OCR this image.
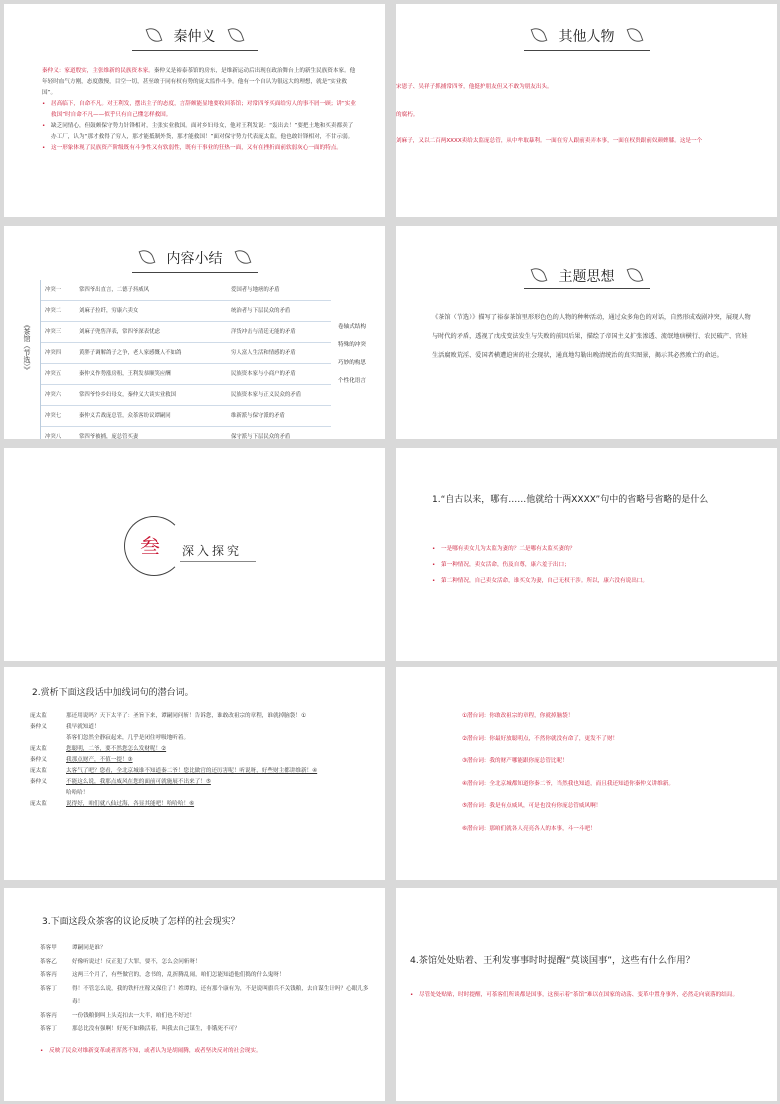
秦仲义
秦仲义：家道殷实，主张维新的民族资本家。秦仲义是裕泰茶馆的房东，是维新运动后出现在政治舞台上的新生民族资本家。他年轻时血气方刚，态度傲慢，目空一切，甚至敢于同有权有势的庞太监作斗争。他有一个自认为很远大的理想，就是“实业救国”。
• 居高临下，自命不凡。对王利发，摆出主子的态度，言辞颇能显地要收回茶馆；对常四爷买面给穷人的事不屑一顾；讲“实业救国”时自命不凡——似乎只有自己懂怎样救国。
• 缺乏同情心，但鼓颇保守势力针锋相对，主张实业救国。面对乡妇母女，他对王利发说：“轰出去！”要把土地和买卖都卖了办工厂，认为“那才救得了穷人，那才能抵制外货，那才能救国！”面对保守势力代表庞太监，他也敢针锋相对，不甘示弱。
• 这一形象体现了民族资产阶级既有斗争性又有软弱性，既有干事业的狂热一面，又有在挫折面前软弱灰心一面的特点。
其他人物
宋恩子、吴祥子抓捕常四爷，他挺护朋友但又不敢为朋友出头。
的腐朽。
刘麻子，又以二百两XXXX卖给太监庞总管，从中牟取暴利。一面在穷人跟前卖弄本事，一面在权贵跟前奴颜婢膝。这是一个
内容小结
《茶馆（节选）》
冲突一	常四爷出直言，二德子抖威风	爱国者与地痞的矛盾
冲突二	刘麻子拉纤，穷康六卖女	统治者与下层民众的矛盾
冲突三	刘麻子兜售洋表，常四爷深表忧虑	洋货冲击与清廷无能的矛盾
冲突四	黄胖子调解鸽子之争，老人家感慨人不如鸽	穷人富人生活和情感的矛盾
冲突五	秦仲义作势涨房租，王利发恭顺笑应酬	民族资本家与小商户的矛盾
冲突六	常四爷怜乡妇母女，秦仲义大谈实业救国	民族资本家与正义民众的矛盾
冲突七	秦仲义舌战庞总管，众茶客纷议谭嗣同	维新派与保守派的矛盾
冲突八	常四爷被捕，庞总管买妻	保守派与下层民众的矛盾
卷轴式结构
特殊的冲突
巧妙的构思
个性化语言
主题思想
《茶馆（节选）》描写了裕泰茶馆里形形色色的人物的种种活动，通过众多角色的对话，自然形成戏剧冲突，展现人物与时代的矛盾，透视了戊戌变法发生与失败的前因后果，描绘了帝国主义扩张渗透、流氓地痞横行、农民破产、官娃生活腐败荒淫、爱国者横遭迫害的社会现状，通真地勾勒出晚清统治的真实图景，揭示其必然败亡的命运。
叁 深入探究
1.“自古以来，哪有……他就给十两XXXX”句中的省略号省略的是什么
• 一是哪有卖女儿为太监为妻的？二是哪有太监买妻的？
• 第一种情况，卖女活命，伤及自尊，康六羞于出口；
• 第二种情况，自己卖女活命，谁买女为妻，自己无权干涉。所以，康六没有说出口。
2.赏析下面这段话中加线词句的潜台词。
庞太监	那还用说吗？天下太平了：圣旨下来，谭嗣同问斩！告诉您，谁敢改祖宗的章程，谁就掉脑袋！①
秦仲义	我早就知道！
茶客们忽然全静寂起来，几乎是闭住呼吸地听着。
庞太监	您聪明，二爷，要不然您怎么发财呢！②
秦仲义	我那点财产，不值一提！③
庞太监	太客气了吧？您看，全北京城谁不知道秦二爷！您比做官的还厉害呢！听说呀，好些财主都讲维新！④
秦仲义	不能这么说，我那点威风在您的面前可就施展不出来了！⑤
哈哈哈！
庞太监	说得好，咱们就八仙过海，各显其能吧！哈哈哈！⑥
①潜台词：你敢改祖宗的章程，你就掉脑袋！
②潜台词：你最好放聪明点，不然你就没有命了，更发不了财！
③潜台词：我的财产哪能跟你庞总管比呢！
④潜台词：全北京城都知道你秦二爷，当然我也知道，而且我还知道你秦仲义讲维新。
⑤潜台词：我是有点威风，可是也没有你庞总管威风啊！
⑥潜台词：那咱们就各人亮亮各人的本事，斗一斗吧！
3.下面这段众茶客的议论反映了怎样的社会现实？
茶客甲	谭嗣同是谁？
茶客乙	好像听说过！反正犯了大罪，要不，怎么会问斩呀！
茶客丙	这两三个月了，有些做官的，念书的，乱折腾乱闹，咱们怎能知道他们捣的什么鬼呀！
茶客丁	得！不管怎么说，我的铁杆庄稼又保住了！姓谭的，还有那个康有为，不是说叫旗兵不关钱粮，去自谋生计吗？心眼儿多毒！
茶客丙	一份钱粮倒叫上头克扣去一大半，咱们也不好过！
茶客丁	那总比没有强啊！好死不如赖活着，叫我去自己谋生，非饿死不可？
• 反映了民众对维新变革或者浑然不知，或者认为是胡闹腾，或者坚决反对的社会现实。
4.茶馆处处贴着、王利发事事时时提醒“莫谈国事”，这些有什么作用？
• 尽管处处贴贴，时时提醒，可茶客们所谈都是国事，这预示着“茶馆”难以在国家的动荡、变革中置身事外，必然走向衰落的结局。
